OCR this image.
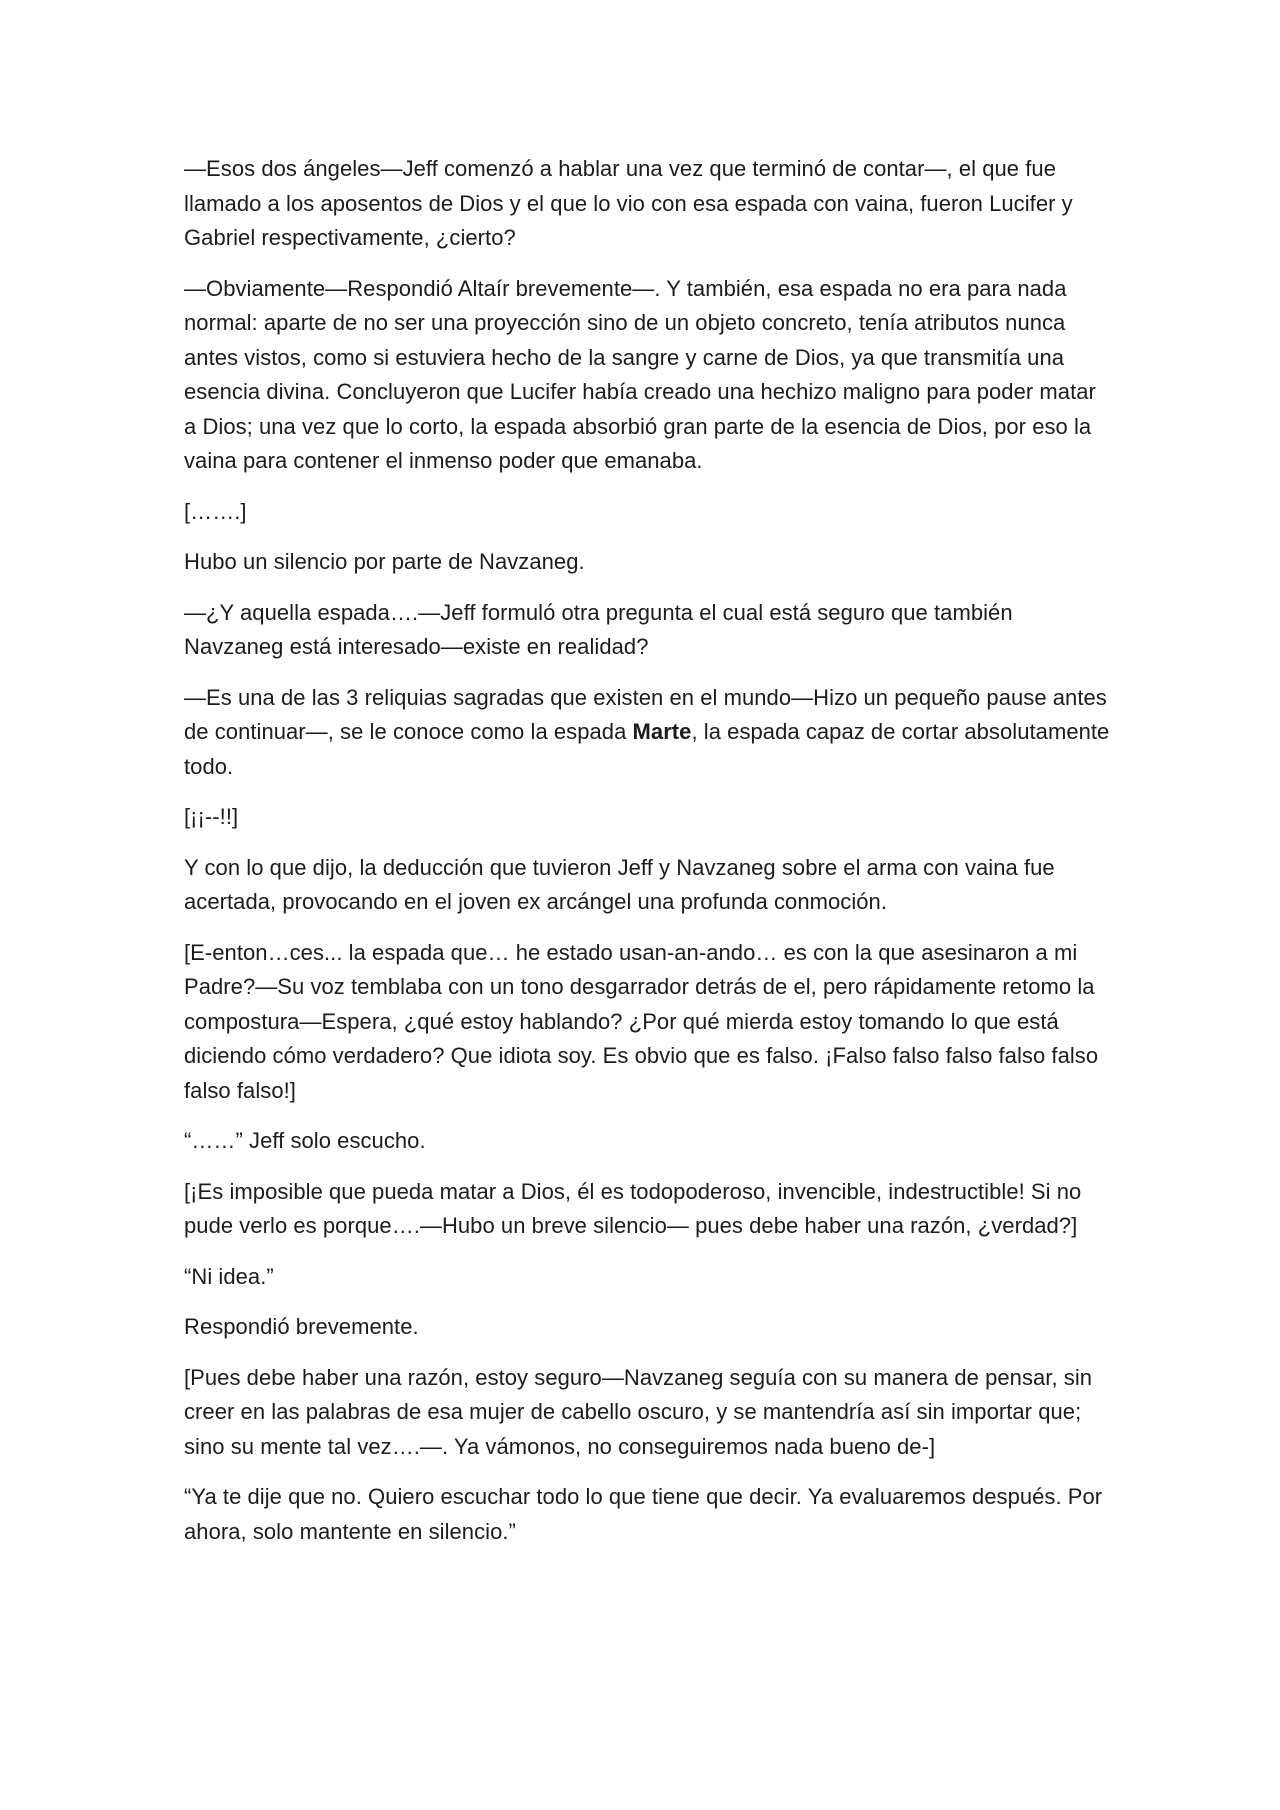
—Esos dos ángeles—Jeff comenzó a hablar una vez que terminó de contar—, el que fue llamado a los aposentos de Dios y el que lo vio con esa espada con vaina, fueron Lucifer y Gabriel respectivamente, ¿cierto?

—Obviamente—Respondió Altaír brevemente—. Y también, esa espada no era para nada normal: aparte de no ser una proyección sino de un objeto concreto, tenía atributos nunca antes vistos, como si estuviera hecho de la sangre y carne de Dios, ya que transmitía una esencia divina. Concluyeron que Lucifer había creado una hechizo maligno para poder matar a Dios; una vez que lo corto, la espada absorbió gran parte de la esencia de Dios, por eso la vaina para contener el inmenso poder que emanaba.

[…….]

Hubo un silencio por parte de Navzaneg.

—¿Y aquella espada….—Jeff formuló otra pregunta el cual está seguro que también Navzaneg está interesado—existe en realidad?

—Es una de las 3 reliquias sagradas que existen en el mundo—Hizo un pequeño pause antes de continuar—, se le conoce como la espada Marte, la espada capaz de cortar absolutamente todo.

[¡¡--!!]

Y con lo que dijo, la deducción que tuvieron Jeff y Navzaneg sobre el arma con vaina fue acertada, provocando en el joven ex arcángel una profunda conmoción.

[E-enton…ces... la espada que… he estado usan-an-ando… es con la que asesinaron a mi Padre?—Su voz temblaba con un tono desgarrador detrás de el, pero rápidamente retomo la compostura—Espera, ¿qué estoy hablando? ¿Por qué mierda estoy tomando lo que está diciendo cómo verdadero? Que idiota soy. Es obvio que es falso. ¡Falso falso falso falso falso falso falso!]

“……” Jeff solo escucho.

[¡Es imposible que pueda matar a Dios, él es todopoderoso, invencible, indestructible! Si no pude verlo es porque….—Hubo un breve silencio— pues debe haber una razón, ¿verdad?]

“Ni idea.”

Respondió brevemente.

[Pues debe haber una razón, estoy seguro—Navzaneg seguía con su manera de pensar, sin creer en las palabras de esa mujer de cabello oscuro, y se mantendría así sin importar que; sino su mente tal vez….—. Ya vámonos, no conseguiremos nada bueno de-]

“Ya te dije que no. Quiero escuchar todo lo que tiene que decir. Ya evaluaremos después. Por ahora, solo mantente en silencio.”
